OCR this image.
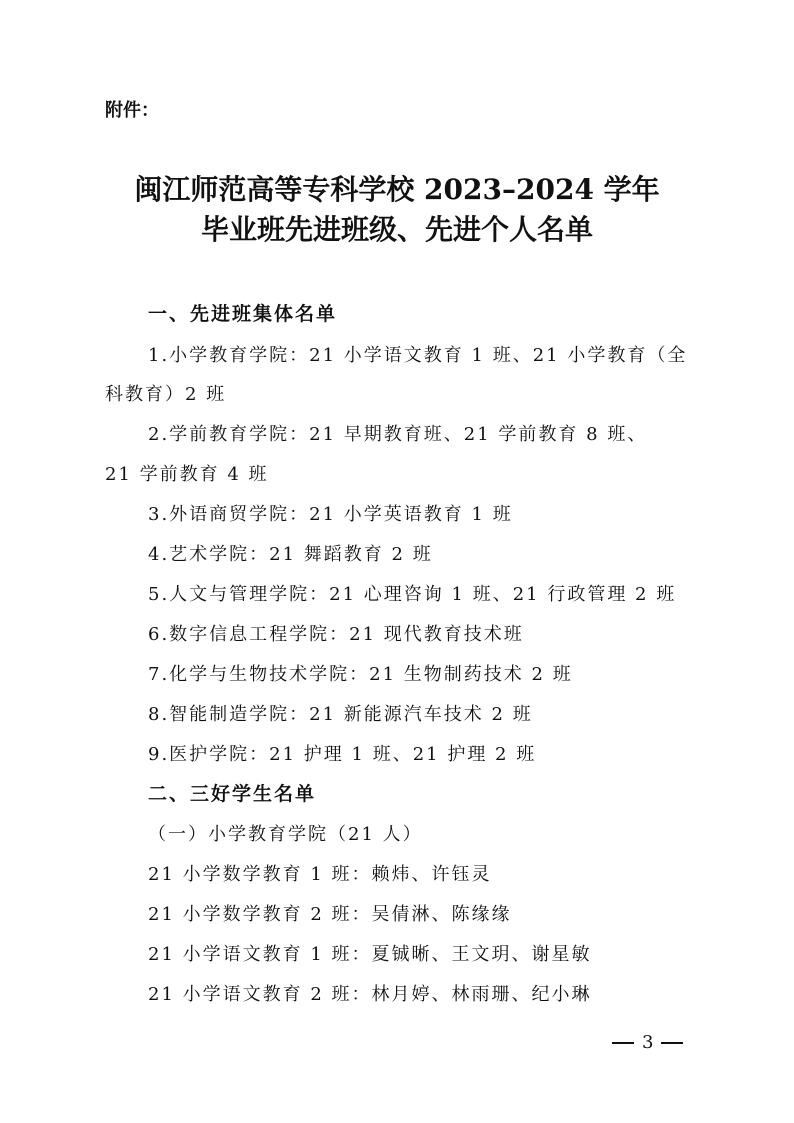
附件：
闽江师范高等专科学校 2023–2024 学年
毕业班先进班级、先进个人名单
一、先进班集体名单
1.小学教育学院：21 小学语文教育 1 班、21 小学教育（全
科教育）2 班
2.学前教育学院：21 早期教育班、21 学前教育 8 班、
21 学前教育 4 班
3.外语商贸学院：21 小学英语教育 1 班
4.艺术学院：21 舞蹈教育 2 班
5.人文与管理学院：21 心理咨询 1 班、21 行政管理 2 班
6.数字信息工程学院：21 现代教育技术班
7.化学与生物技术学院：21 生物制药技术 2 班
8.智能制造学院：21 新能源汽车技术 2 班
9.医护学院：21 护理 1 班、21 护理 2 班
二、三好学生名单
（一）小学教育学院（21 人）
21 小学数学教育 1 班：赖炜、许钰灵
21 小学数学教育 2 班：吴倩淋、陈缘缘
21 小学语文教育 1 班：夏铖晰、王文玥、谢星敏
21 小学语文教育 2 班：林月婷、林雨珊、纪小琳
3
